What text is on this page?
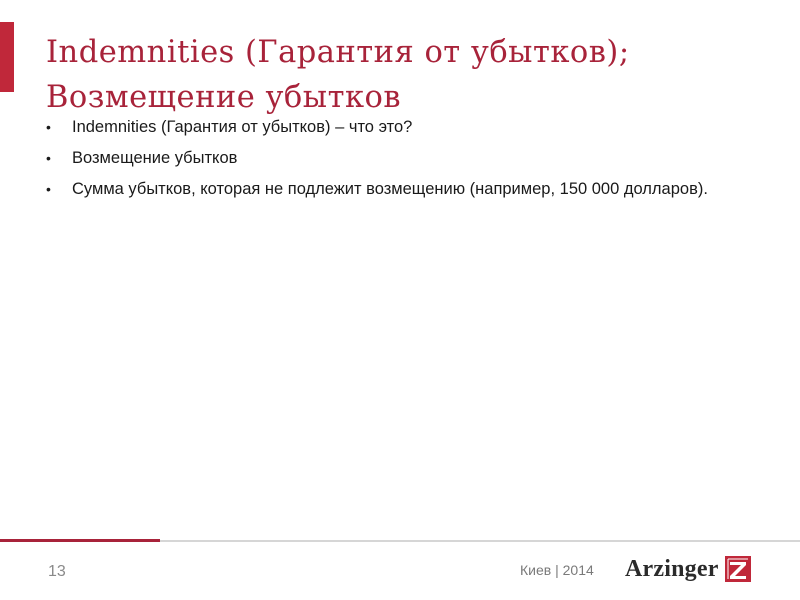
Indemnities (Гарантия от убытков); Возмещение убытков
•	Indemnities (Гарантия от убытков) – что это?
•	Возмещение убытков
•	Сумма убытков, которая не подлежит возмещению (например, 150 000 долларов).
13	Киев | 2014 Arzinger
